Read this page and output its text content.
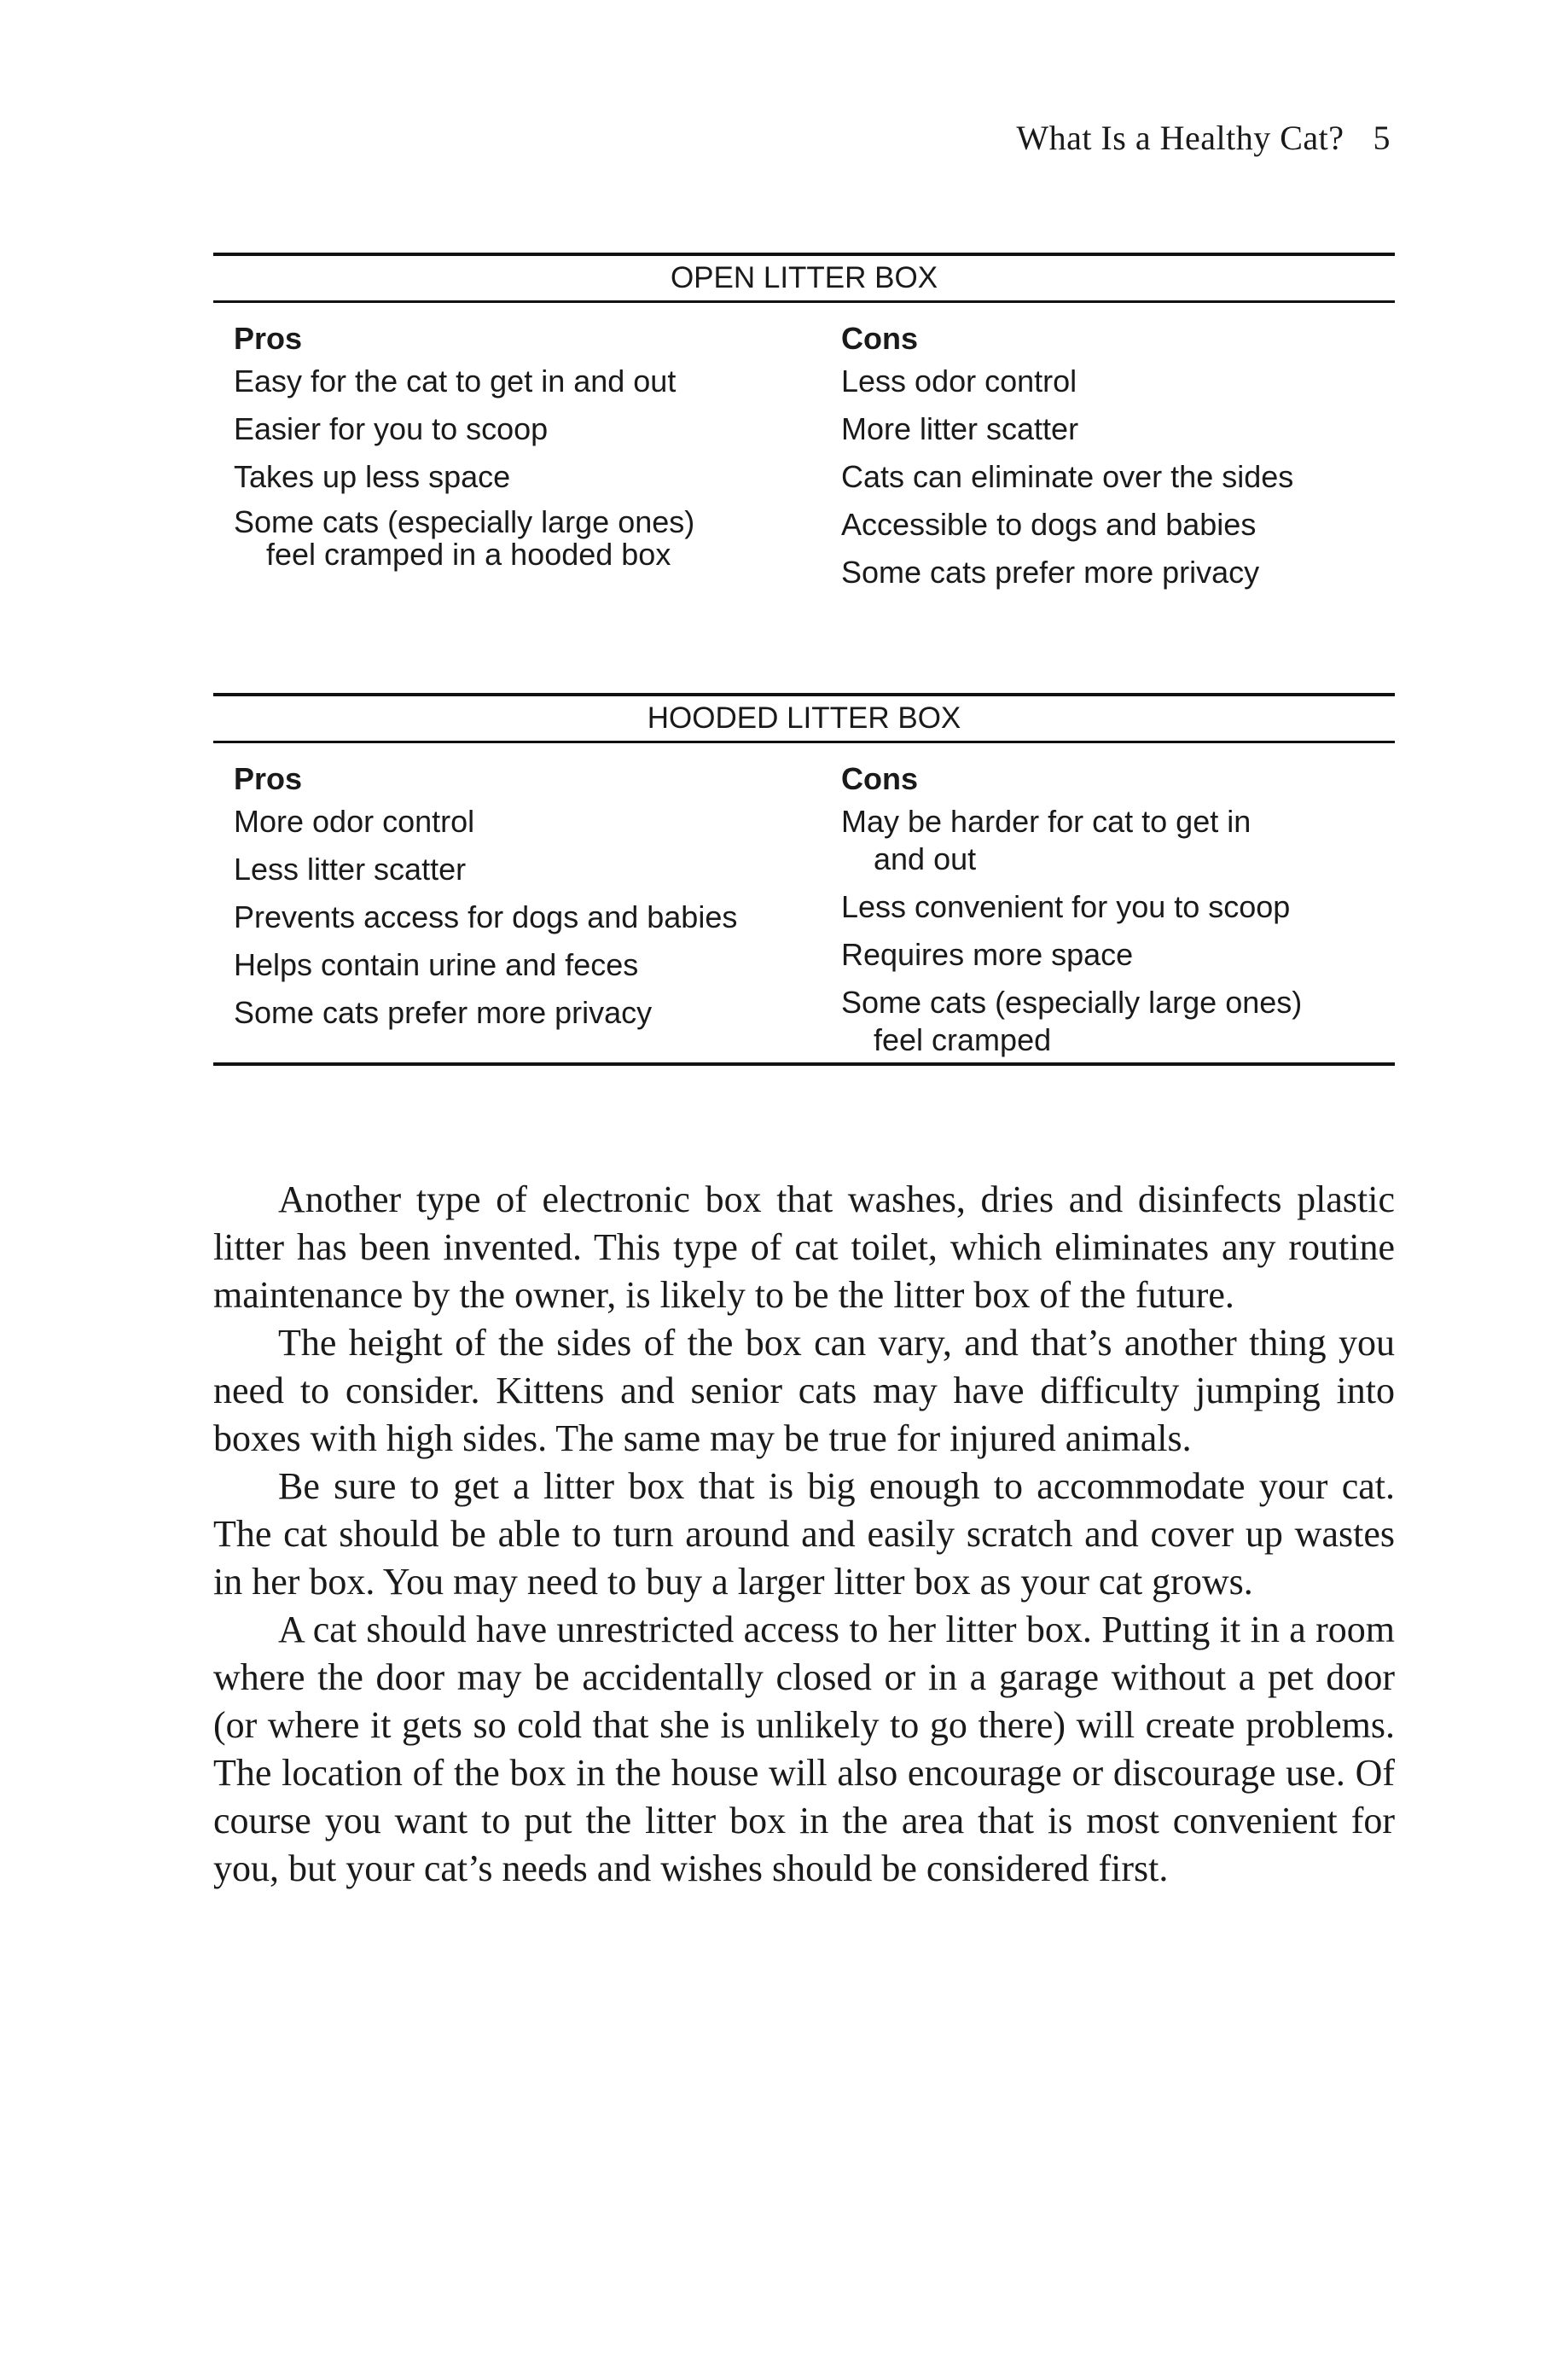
What Is a Healthy Cat? 5
OPEN LITTER BOX
Pros
Easy for the cat to get in and out
Easier for you to scoop
Takes up less space
Some cats (especially large ones)
feel cramped in a hooded box
Cons
Less odor control
More litter scatter
Cats can eliminate over the sides
Accessible to dogs and babies
Some cats prefer more privacy
HOODED LITTER BOX
Pros
More odor control
Less litter scatter
Prevents access for dogs and babies
Helps contain urine and feces
Some cats prefer more privacy
Cons
May be harder for cat to get in
and out
Less convenient for you to scoop
Requires more space
Some cats (especially large ones)
feel cramped

Another type of electronic box that washes, dries and disinfects plastic litter has been invented. This type of cat toilet, which eliminates any routine maintenance by the owner, is likely to be the litter box of the future.

The height of the sides of the box can vary, and that’s another thing you need to consider. Kittens and senior cats may have difficulty jumping into boxes with high sides. The same may be true for injured animals.

Be sure to get a litter box that is big enough to accommodate your cat. The cat should be able to turn around and easily scratch and cover up wastes in her box. You may need to buy a larger litter box as your cat grows.

A cat should have unrestricted access to her litter box. Putting it in a room where the door may be accidentally closed or in a garage without a pet door (or where it gets so cold that she is unlikely to go there) will create problems. The location of the box in the house will also encourage or discourage use. Of course you want to put the litter box in the area that is most convenient for you, but your cat’s needs and wishes should be considered first.
